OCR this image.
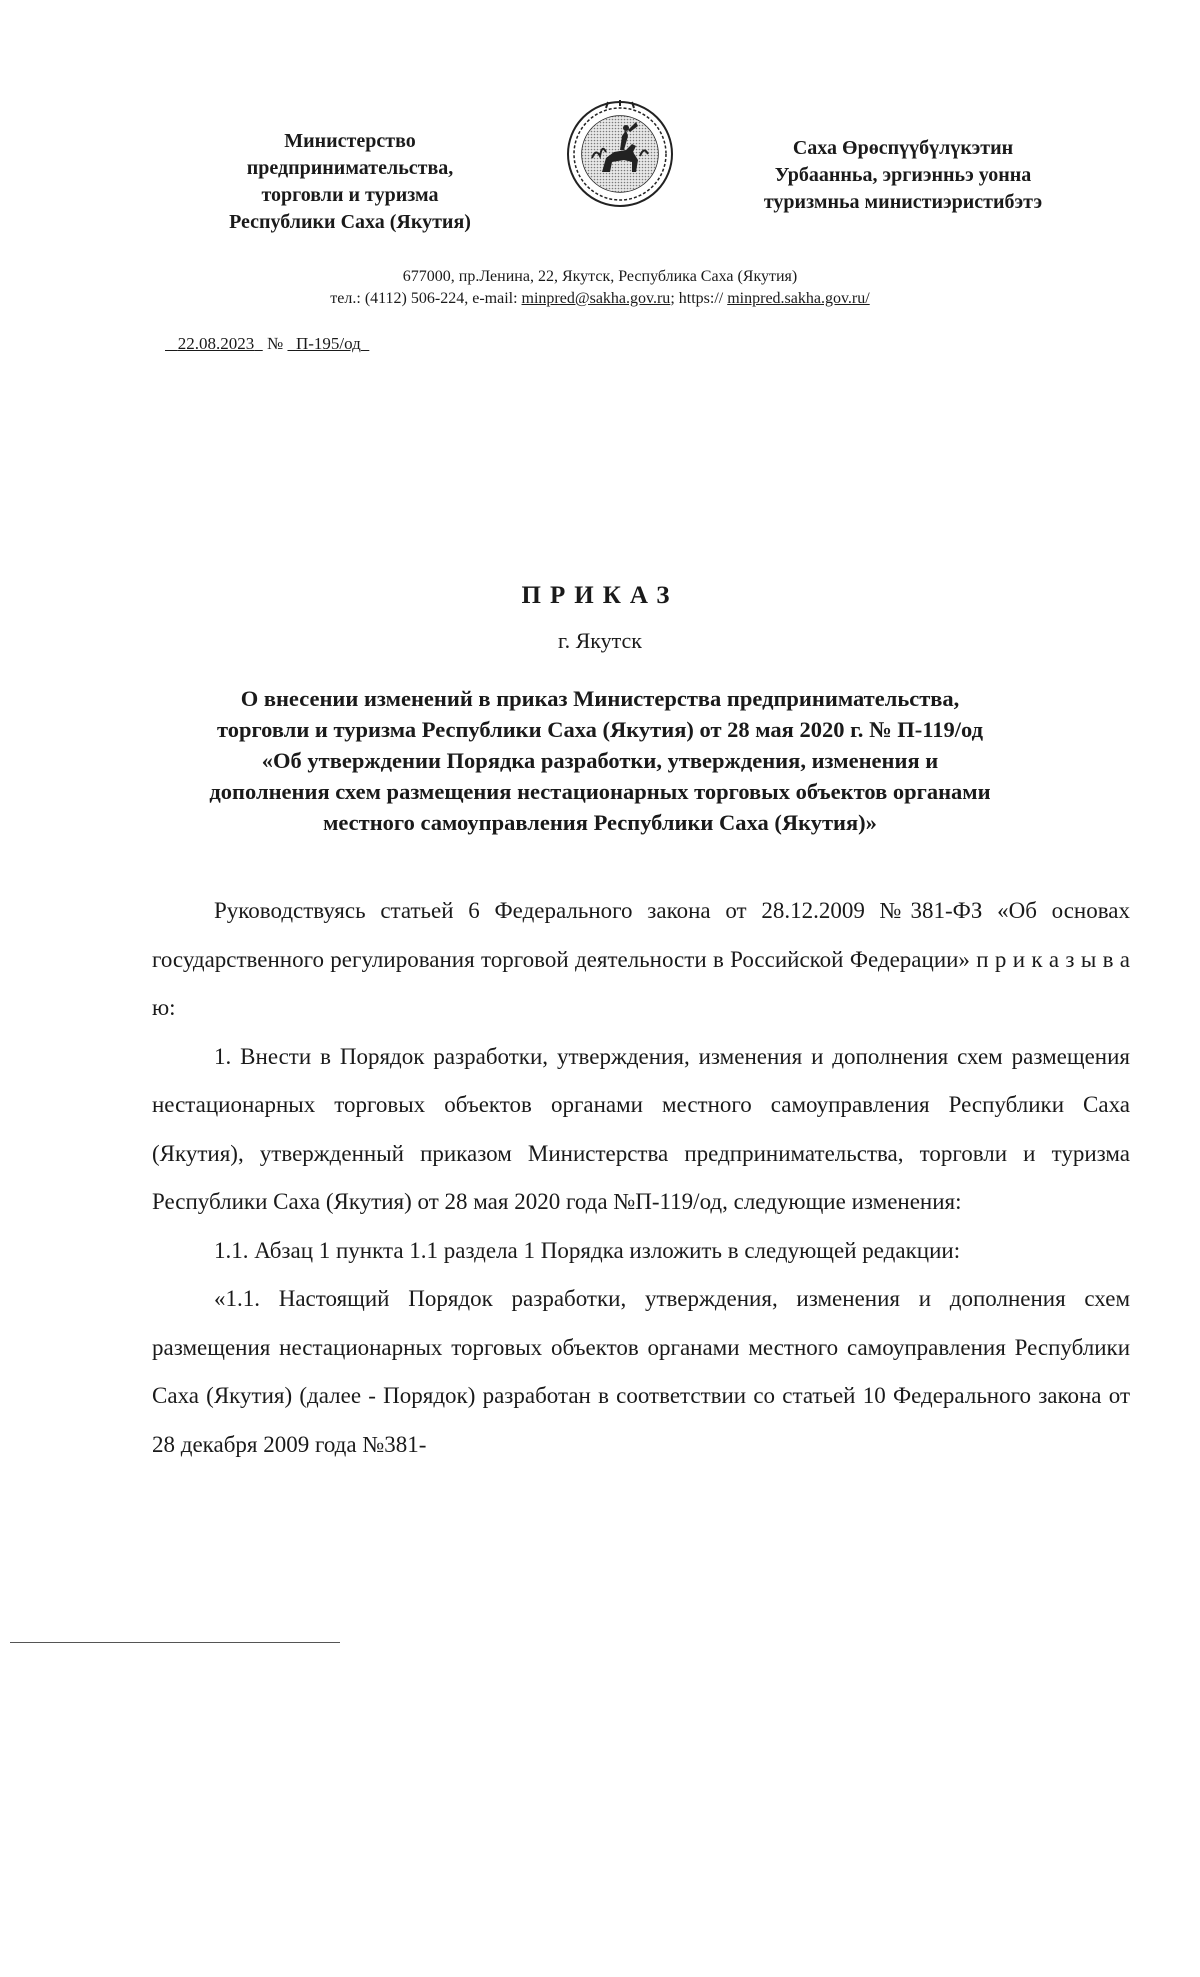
Министерство
предпринимательства,
торговли и туризма
Республики Саха (Якутия)
Саха Өрөспүүбүлүкэтин
Урбаанньа, эргиэнньэ уонна
туризмньа министиэристибэтэ
677000, пр.Ленина, 22, Якутск, Республика Саха (Якутия)
тел.: (4112) 506-224, e-mail: minpred@sakha.gov.ru; https:// minpred.sakha.gov.ru/
22.08.2023 № П-195/од
ПРИКАЗ
г. Якутск
О внесении изменений в приказ Министерства предпринимательства,
торговли и туризма Республики Саха (Якутия) от 28 мая 2020 г. № П-119/од
«Об утверждении Порядка разработки, утверждения, изменения и
дополнения схем размещения нестационарных торговых объектов органами
местного самоуправления Республики Саха (Якутия)»

Руководствуясь статьей 6 Федерального закона от 28.12.2009 №381-ФЗ «Об основах государственного регулирования торговой деятельности в Российской Федерации» п р и к а з ы в а ю:

1. Внести в Порядок разработки, утверждения, изменения и дополнения схем размещения нестационарных торговых объектов органами местного самоуправления Республики Саха (Якутия), утвержденный приказом Министерства предпринимательства, торговли и туризма Республики Саха (Якутия) от 28 мая 2020 года №П-119/од, следующие изменения:

1.1. Абзац 1 пункта 1.1 раздела 1 Порядка изложить в следующей редакции:

«1.1. Настоящий Порядок разработки, утверждения, изменения и дополнения схем размещения нестационарных торговых объектов органами местного самоуправления Республики Саха (Якутия) (далее - Порядок) разработан в соответствии со статьей 10 Федерального закона от 28 декабря 2009 года №381-
